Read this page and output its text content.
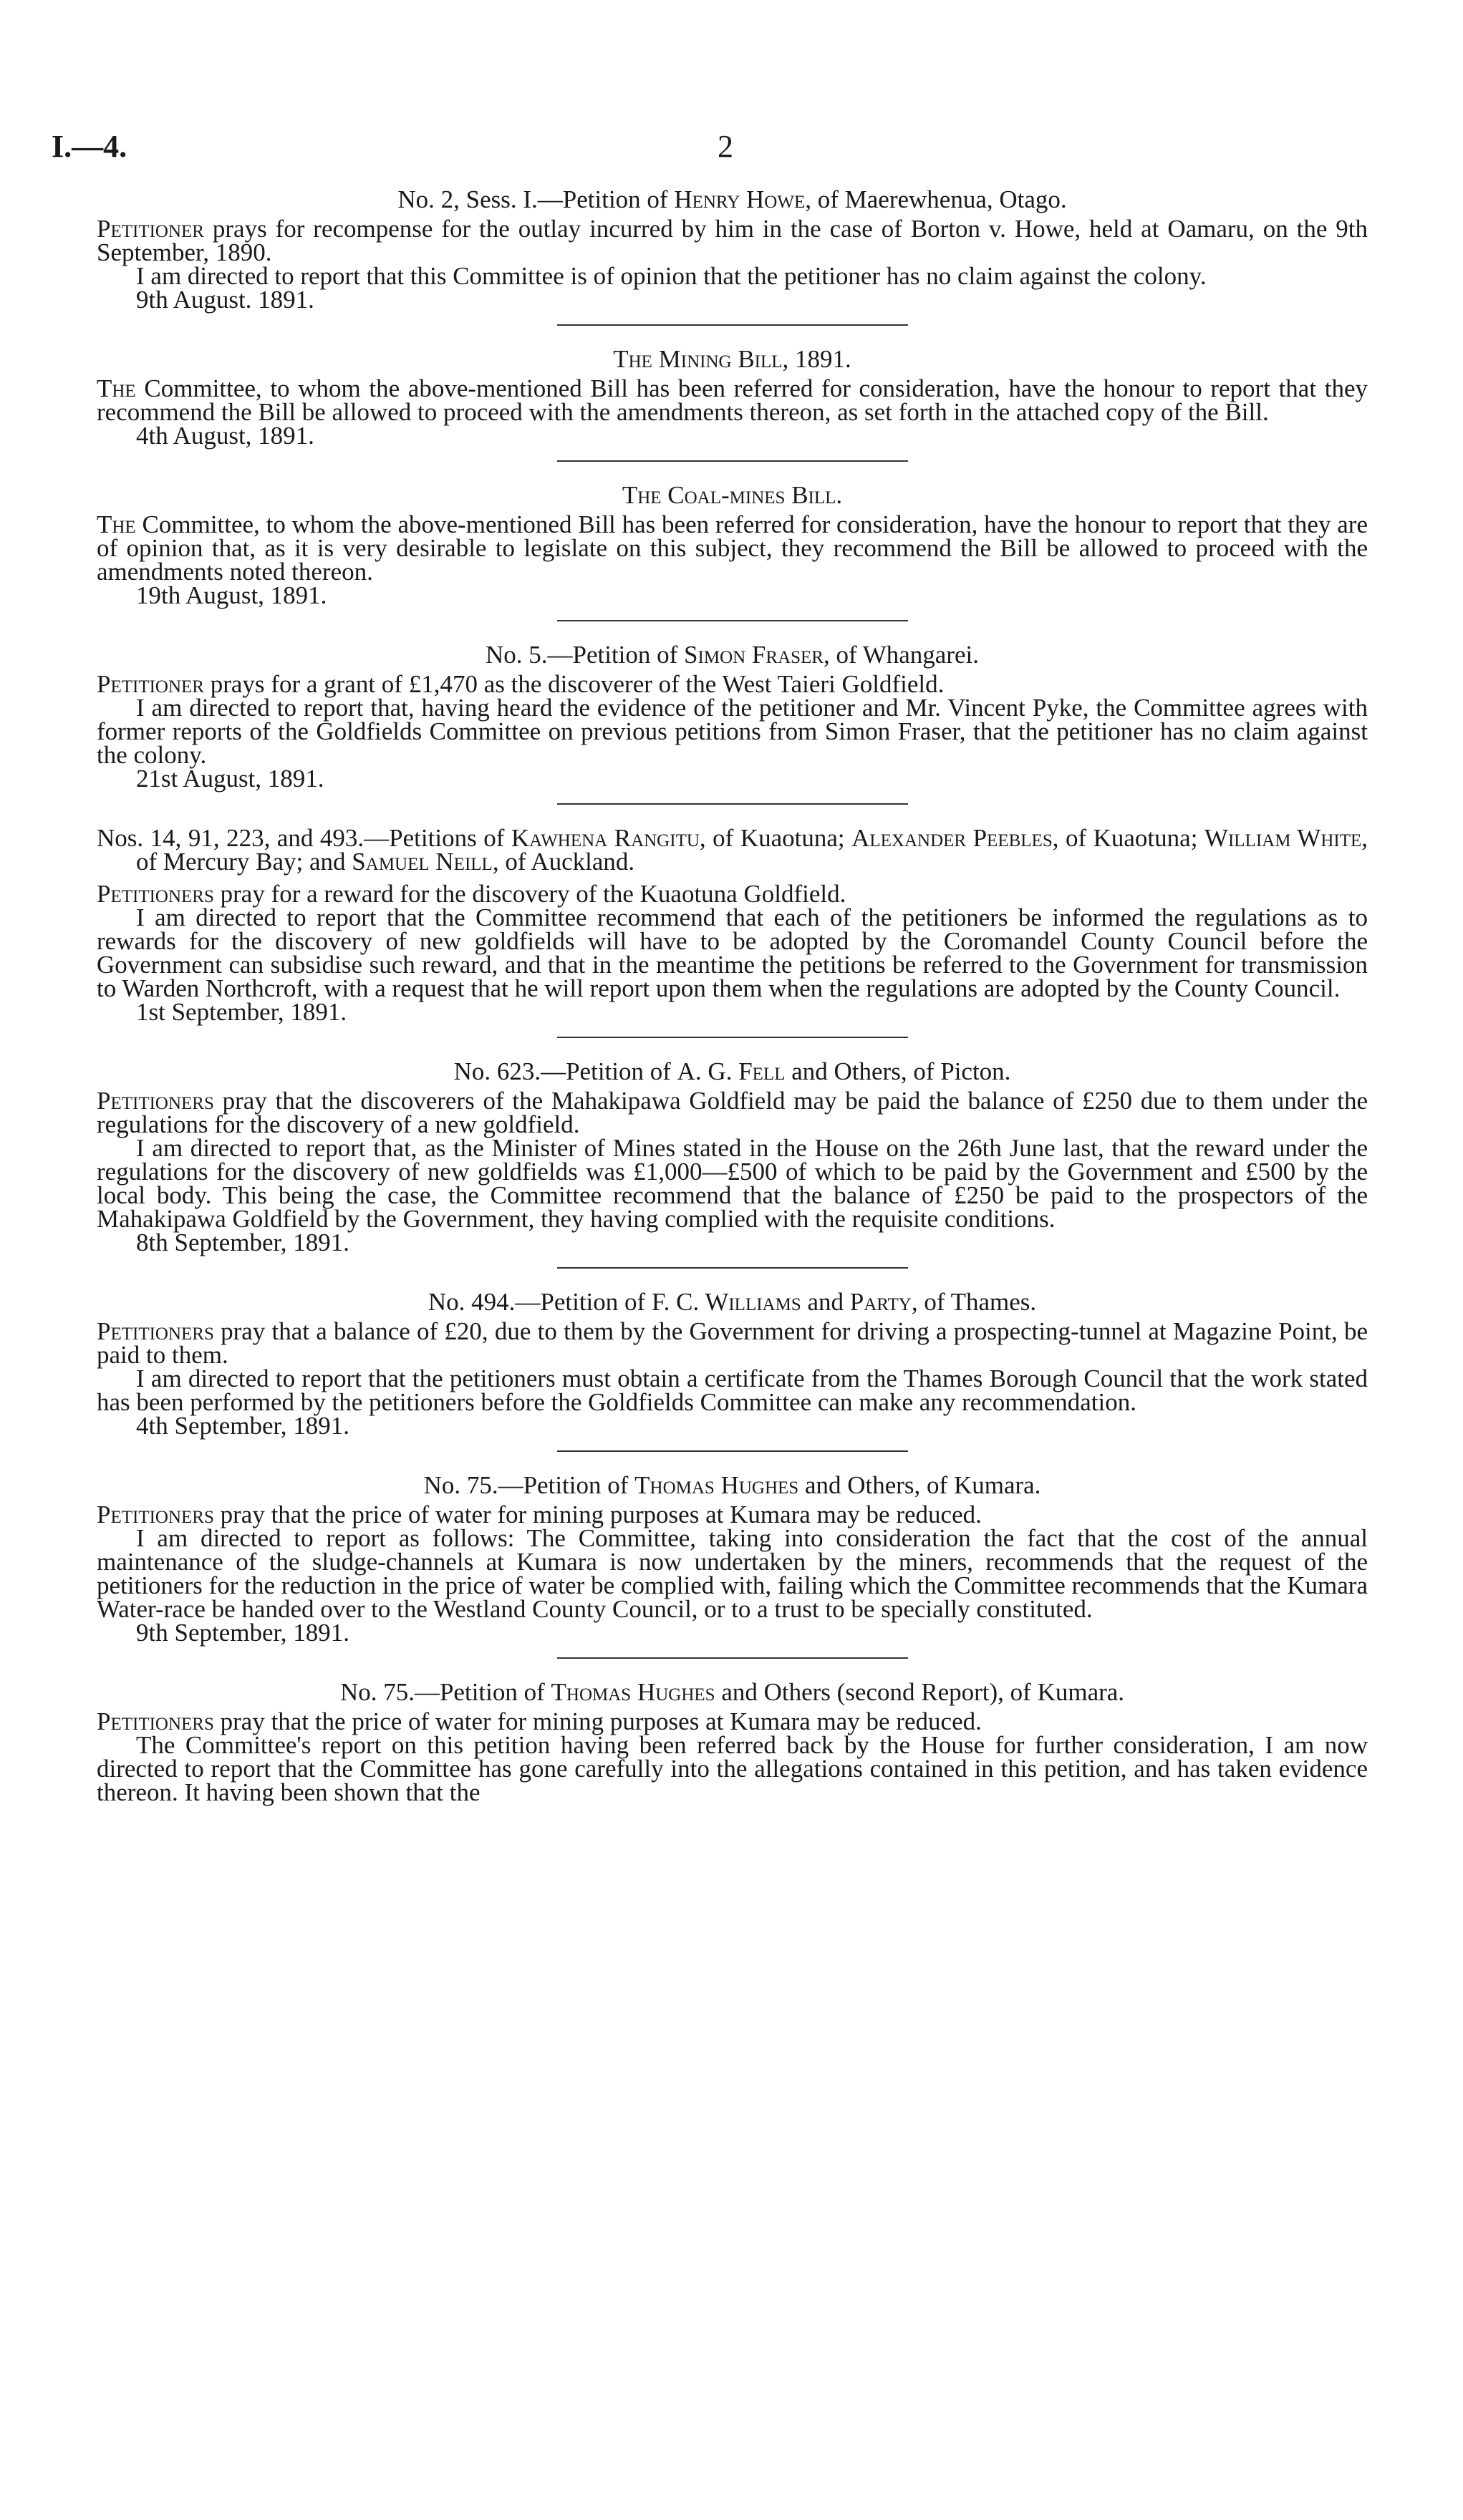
I.—4.	2
No. 2, Sess. I.—Petition of Henry Howe, of Maerewhenua, Otago.

Petitioner prays for recompense for the outlay incurred by him in the case of Borton v. Howe, held at Oamaru, on the 9th September, 1890.

I am directed to report that this Committee is of opinion that the petitioner has no claim against the colony.

9th August. 1891.
The Mining Bill, 1891.

The Committee, to whom the above-mentioned Bill has been referred for consideration, have the honour to report that they recommend the Bill be allowed to proceed with the amendments thereon, as set forth in the attached copy of the Bill.

4th August, 1891.
The Coal-mines Bill.

The Committee, to whom the above-mentioned Bill has been referred for consideration, have the honour to report that they are of opinion that, as it is very desirable to legislate on this subject, they recommend the Bill be allowed to proceed with the amendments noted thereon.

19th August, 1891.
No. 5.—Petition of Simon Fraser, of Whangarei.

Petitioner prays for a grant of £1,470 as the discoverer of the West Taieri Goldfield.

I am directed to report that, having heard the evidence of the petitioner and Mr. Vincent Pyke, the Committee agrees with former reports of the Goldfields Committee on previous petitions from Simon Fraser, that the petitioner has no claim against the colony.

21st August, 1891.
Nos. 14, 91, 223, and 493.—Petitions of Kawhena Rangitu, of Kuaotuna; Alexander Peebles, of Kuaotuna; William White, of Mercury Bay; and Samuel Neill, of Auckland.

Petitioners pray for a reward for the discovery of the Kuaotuna Goldfield.

I am directed to report that the Committee recommend that each of the petitioners be informed the regulations as to rewards for the discovery of new goldfields will have to be adopted by the Coromandel County Council before the Government can subsidise such reward, and that in the meantime the petitions be referred to the Government for transmission to Warden Northcroft, with a request that he will report upon them when the regulations are adopted by the County Council.

1st September, 1891.
No. 623.—Petition of A. G. Fell and Others, of Picton.

Petitioners pray that the discoverers of the Mahakipawa Goldfield may be paid the balance of £250 due to them under the regulations for the discovery of a new goldfield.

I am directed to report that, as the Minister of Mines stated in the House on the 26th June last, that the reward under the regulations for the discovery of new goldfields was £1,000—£500 of which to be paid by the Government and £500 by the local body. This being the case, the Committee recommend that the balance of £250 be paid to the prospectors of the Mahakipawa Goldfield by the Government, they having complied with the requisite conditions.

8th September, 1891.
No. 494.—Petition of F. C. Williams and Party, of Thames.

Petitioners pray that a balance of £20, due to them by the Government for driving a prospecting-tunnel at Magazine Point, be paid to them.

I am directed to report that the petitioners must obtain a certificate from the Thames Borough Council that the work stated has been performed by the petitioners before the Goldfields Committee can make any recommendation.

4th September, 1891.
No. 75.—Petition of Thomas Hughes and Others, of Kumara.

Petitioners pray that the price of water for mining purposes at Kumara may be reduced.

I am directed to report as follows: The Committee, taking into consideration the fact that the cost of the annual maintenance of the sludge-channels at Kumara is now undertaken by the miners, recommends that the request of the petitioners for the reduction in the price of water be complied with, failing which the Committee recommends that the Kumara Water-race be handed over to the Westland County Council, or to a trust to be specially constituted.

9th September, 1891.
No. 75.—Petition of Thomas Hughes and Others (second Report), of Kumara.

Petitioners pray that the price of water for mining purposes at Kumara may be reduced.

The Committee's report on this petition having been referred back by the House for further consideration, I am now directed to report that the Committee has gone carefully into the allegations contained in this petition, and has taken evidence thereon. It having been shown that the
